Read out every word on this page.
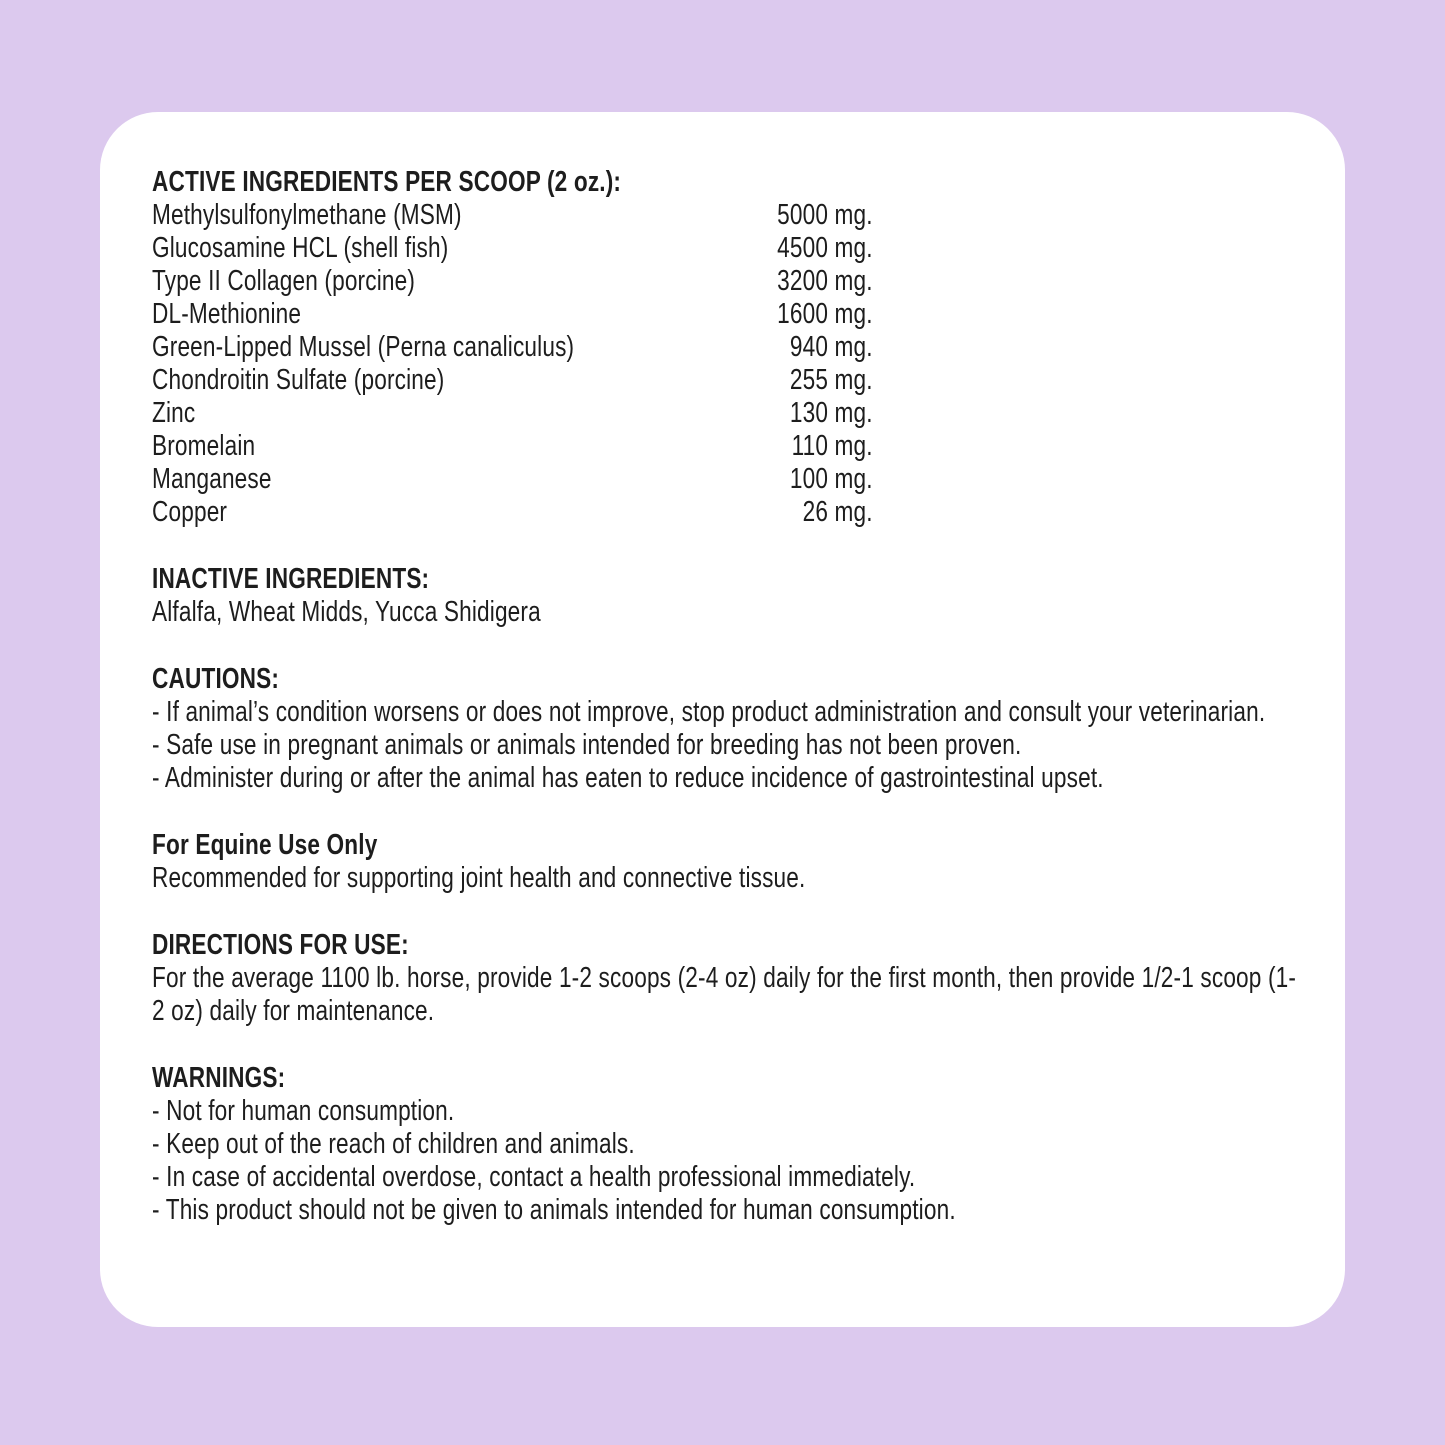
ACTIVE INGREDIENTS PER SCOOP (2 oz.):

Methylsulfonylmethane (MSM)	5000 mg.
Glucosamine HCL (shell fish)	4500 mg.
Type II Collagen (porcine)	3200 mg.
DL-Methionine	1600 mg.
Green-Lipped Mussel (Perna canaliculus)	940 mg.
Chondroitin Sulfate (porcine)	255 mg.
Zinc	130 mg.
Bromelain	110 mg.
Manganese	100 mg.
Copper	26 mg.

INACTIVE INGREDIENTS:

Alfalfa, Wheat Midds, Yucca Shidigera

CAUTIONS:

- If animal’s condition worsens or does not improve, stop product administration and consult your veterinarian.

- Safe use in pregnant animals or animals intended for breeding has not been proven.

- Administer during or after the animal has eaten to reduce incidence of gastrointestinal upset.

For Equine Use Only

Recommended for supporting joint health and connective tissue.

DIRECTIONS FOR USE:

For the average 1100 lb. horse, provide 1-2 scoops (2-4 oz) daily for the first month, then provide 1/2-1 scoop (1-2 oz) daily for maintenance.

WARNINGS:

- Not for human consumption.

- Keep out of the reach of children and animals.

- In case of accidental overdose, contact a health professional immediately.

- This product should not be given to animals intended for human consumption.
